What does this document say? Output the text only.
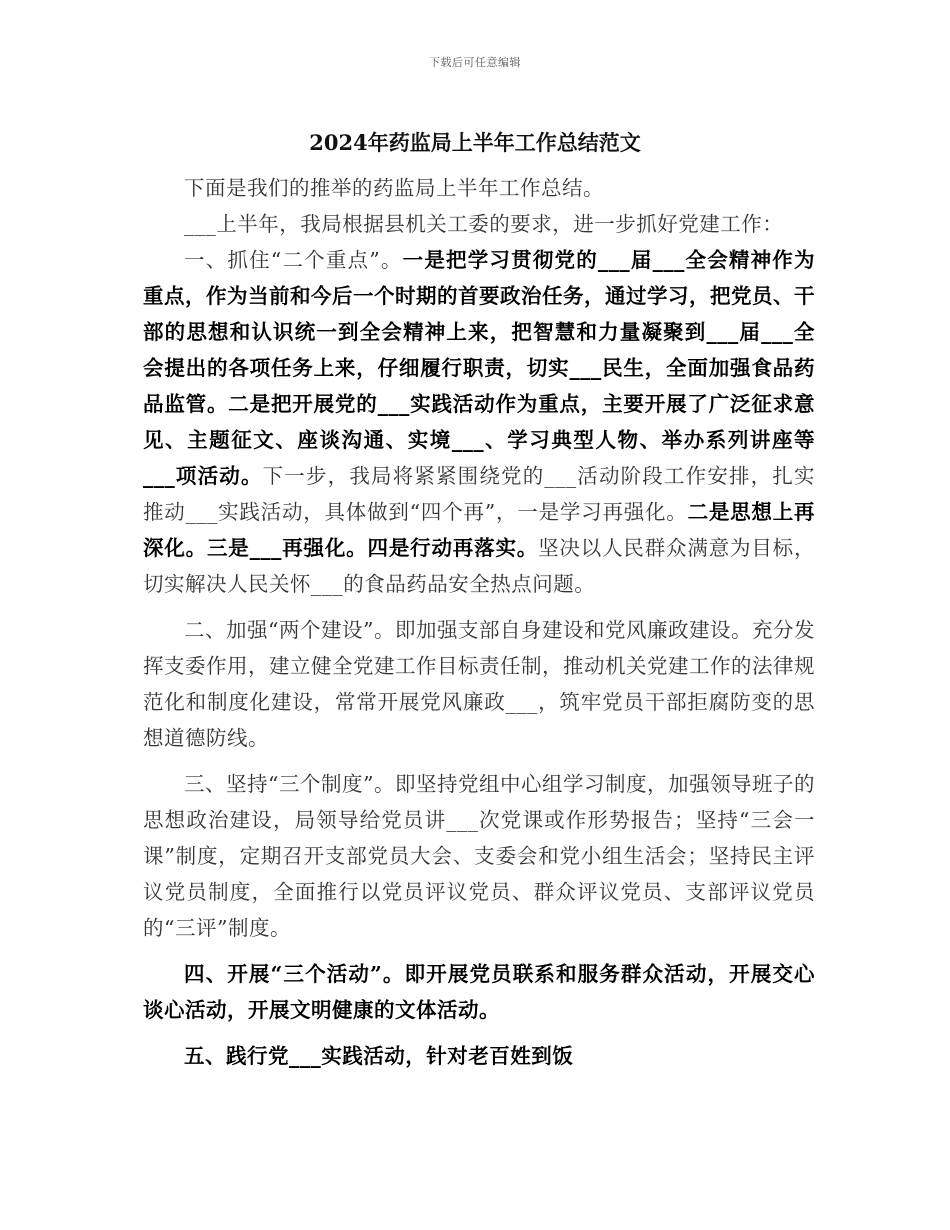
下载后可任意编辑
2024年药监局上半年工作总结范文

下面是我们的推举的药监局上半年工作总结。

___上半年，我局根据县机关工委的要求，进一步抓好党建工作：

一、抓住“二个重点”。一是把学习贯彻党的___届___全会精神作为重点，作为当前和今后一个时期的首要政治任务，通过学习，把党员、干部的思想和认识统一到全会精神上来，把智慧和力量凝聚到___届___全会提出的各项任务上来，仔细履行职责，切实___民生，全面加强食品药品监管。二是把开展党的___实践活动作为重点，主要开展了广泛征求意见、主题征文、座谈沟通、实境___、学习典型人物、举办系列讲座等___项活动。下一步，我局将紧紧围绕党的___活动阶段工作安排，扎实推动___实践活动，具体做到“四个再”，一是学习再强化。二是思想上再深化。三是___再强化。四是行动再落实。坚决以人民群众满意为目标，切实解决人民关怀___的食品药品安全热点问题。

二、加强“两个建设”。即加强支部自身建设和党风廉政建设。充分发挥支委作用，建立健全党建工作目标责任制，推动机关党建工作的法律规范化和制度化建设，常常开展党风廉政___，筑牢党员干部拒腐防变的思想道德防线。

三、坚持“三个制度”。即坚持党组中心组学习制度，加强领导班子的思想政治建设，局领导给党员讲___次党课或作形势报告；坚持“三会一课”制度，定期召开支部党员大会、支委会和党小组生活会；坚持民主评议党员制度，全面推行以党员评议党员、群众评议党员、支部评议党员的“三评”制度。

四、开展“三个活动”。即开展党员联系和服务群众活动，开展交心谈心活动，开展文明健康的文体活动。

五、践行党___实践活动，针对老百姓到饭
